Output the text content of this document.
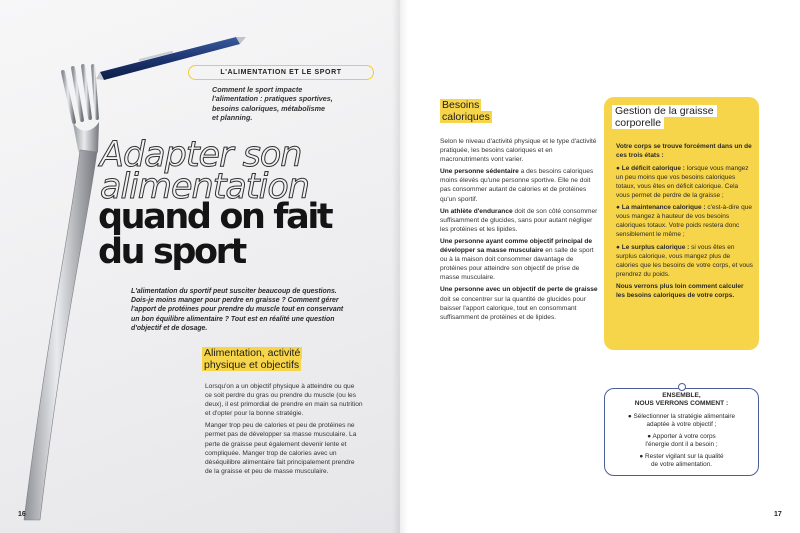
L'ALIMENTATION ET LE SPORT
Comment le sport impacte
l'alimentation : pratiques sportives,
besoins caloriques, métabolisme
et planning.
Adapter son
alimentation
quand on fait
du sport
L'alimentation du sportif peut susciter beaucoup de questions.
Dois-je moins manger pour perdre en graisse ? Comment gérer
l'apport de protéines pour prendre du muscle tout en conservant
un bon équilibre alimentaire ? Tout est en réalité une question
d'objectif et de dosage.
Alimentation, activité
physique et objectifs

Lorsqu'on a un objectif physique à atteindre ou que ce soit perdre du gras ou prendre du muscle (ou les deux), il est primordial de prendre en main sa nutrition et d'opter pour la bonne stratégie.

Manger trop peu de calories et peu de protéines ne permet pas de développer sa masse musculaire. La perte de graisse peut également devenir lente et compliquée. Manger trop de calories avec un déséquilibre alimentaire fait principalement prendre de la graisse et peu de masse musculaire.

16
Besoins
caloriques

Selon le niveau d'activité physique et le type d'activité pratiquée, les besoins caloriques et en macronutriments vont varier.

Une personne sédentaire a des besoins caloriques moins élevés qu'une personne sportive. Elle ne doit pas consommer autant de calories et de protéines qu'un sportif.

Un athlète d'endurance doit de son côté consommer suffisamment de glucides, sans pour autant négliger les protéines et les lipides.

Une personne ayant comme objectif principal de développer sa masse musculaire en salle de sport ou à la maison doit consommer davantage de protéines pour atteindre son objectif de prise de masse musculaire.

Une personne avec un objectif de perte de graisse doit se concentrer sur la quantité de glucides pour baisser l'apport calorique, tout en consommant suffisamment de protéines et de lipides.

Gestion de la graisse
corporelle

Votre corps se trouve forcément dans un de ces trois états :

● Le déficit calorique : lorsque vous mangez un peu moins que vos besoins caloriques totaux, vous êtes en déficit calorique. Cela vous permet de perdre de la graisse ;

● La maintenance calorique : c'est-à-dire que vous mangez à hauteur de vos besoins caloriques totaux. Votre poids restera donc sensiblement le même ;

● Le surplus calorique : si vous êtes en surplus calorique, vous mangez plus de calories que les besoins de votre corps, et vous prendrez du poids.

Nous verrons plus loin comment calculer les besoins caloriques de votre corps.

ENSEMBLE,
NOUS VERRONS COMMENT :
● Sélectionner la stratégie alimentaire
adaptée à votre objectif ;
● Apporter à votre corps
l'énergie dont il a besoin ;
● Rester vigilant sur la qualité
de votre alimentation.
17
